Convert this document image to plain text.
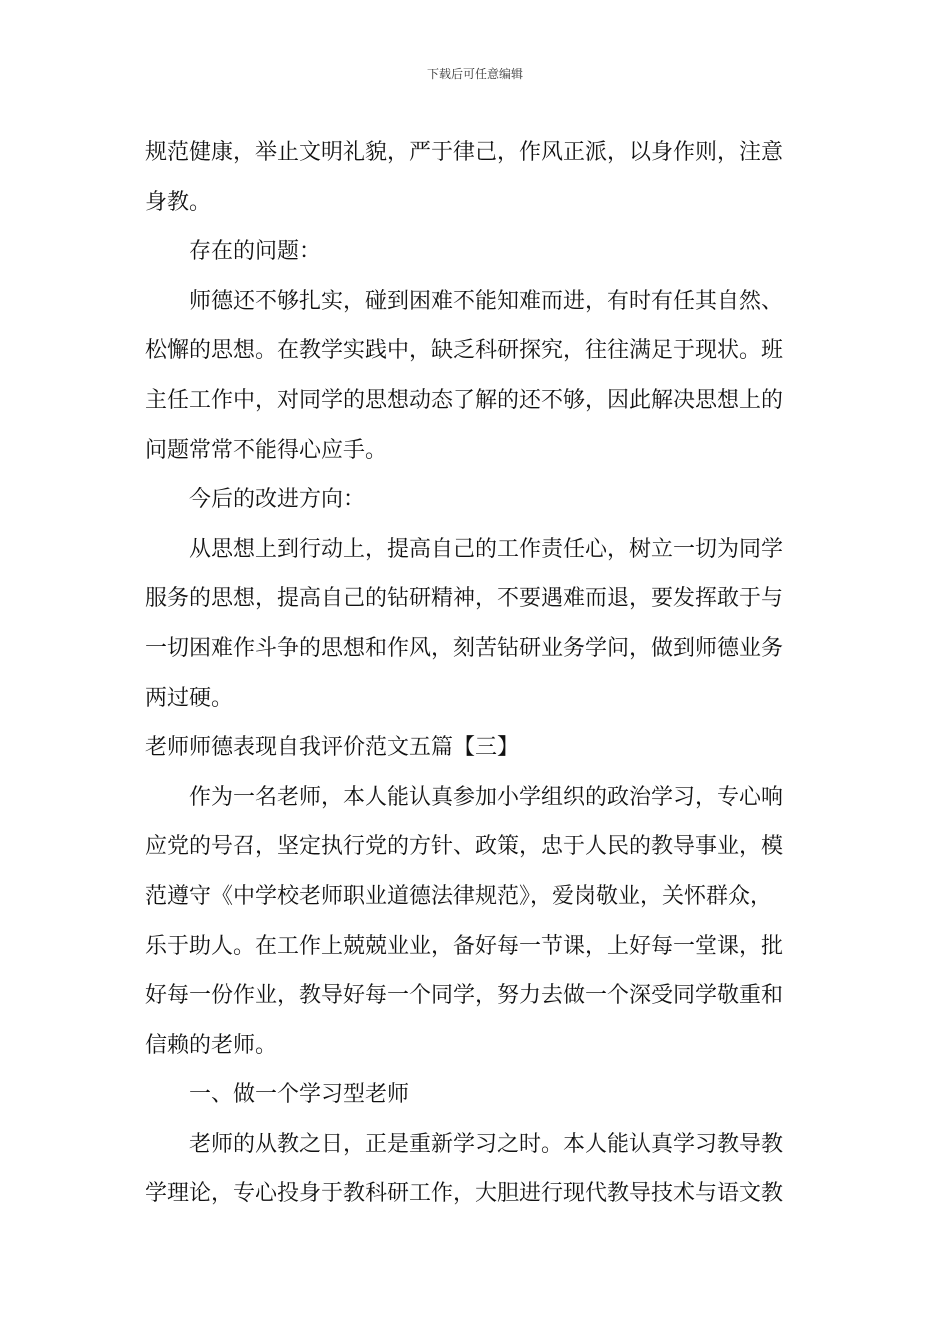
下载后可任意编辑

规范健康，举止文明礼貌，严于律己，作风正派，以身作则，注意

身教。

存在的问题：

师德还不够扎实，碰到困难不能知难而进，有时有任其自然、

松懈的思想。在教学实践中，缺乏科研探究，往往满足于现状。班

主任工作中，对同学的思想动态了解的还不够，因此解决思想上的

问题常常不能得心应手。

今后的改进方向：

从思想上到行动上，提高自己的工作责任心，树立一切为同学

服务的思想，提高自己的钻研精神，不要遇难而退，要发挥敢于与

一切困难作斗争的思想和作风，刻苦钻研业务学问，做到师德业务

两过硬。

老师师德表现自我评价范文五篇【三】

作为一名老师，本人能认真参加小学组织的政治学习，专心响

应党的号召，坚定执行党的方针、政策，忠于人民的教导事业，模

范遵守《中学校老师职业道德法律规范》，爱岗敬业，关怀群众，

乐于助人。在工作上兢兢业业，备好每一节课，上好每一堂课，批

好每一份作业，教导好每一个同学，努力去做一个深受同学敬重和

信赖的老师。

一、做一个学习型老师

老师的从教之日，正是重新学习之时。本人能认真学习教导教

学理论，专心投身于教科研工作，大胆进行现代教导技术与语文教
